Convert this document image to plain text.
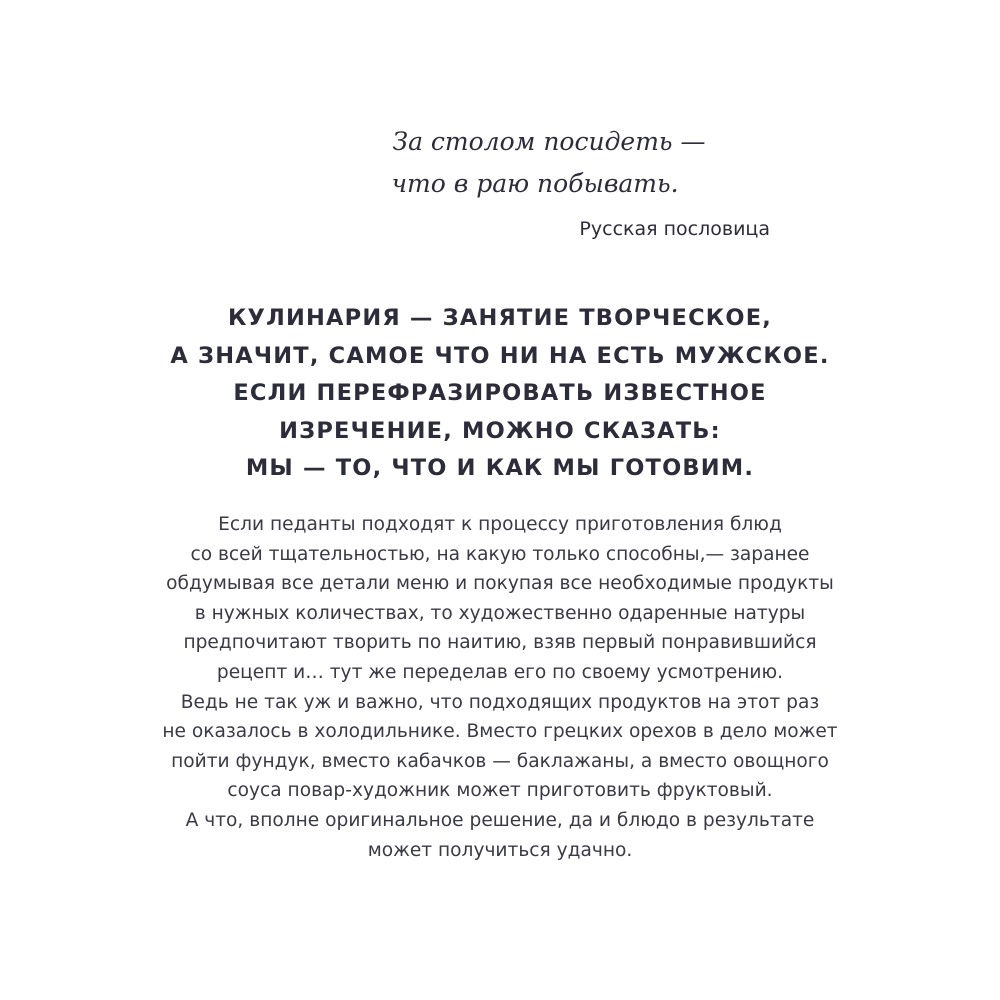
За столом посидеть —
что в раю побывать.
Русская пословица
КУЛИНАРИЯ — ЗАНЯТИЕ ТВОРЧЕСКОЕ,
А ЗНАЧИТ, САМОЕ ЧТО НИ НА ЕСТЬ МУЖСКОЕ.
ЕСЛИ ПЕРЕФРАЗИРОВАТЬ ИЗВЕСТНОЕ
ИЗРЕЧЕНИЕ, МОЖНО СКАЗАТЬ:
МЫ — ТО, ЧТО И КАК МЫ ГОТОВИМ.
Если педанты подходят к процессу приготовления блюд
со всей тщательностью, на какую только способны,— заранее
обдумывая все детали меню и покупая все необходимые продукты
в нужных количествах, то художественно одаренные натуры
предпочитают творить по наитию, взяв первый понравившийся
рецепт и… тут же переделав его по своему усмотрению.
Ведь не так уж и важно, что подходящих продуктов на этот раз
не оказалось в холодильнике. Вместо грецких орехов в дело может
пойти фундук, вместо кабачков — баклажаны, а вместо овощного
соуса повар-художник может приготовить фруктовый.
А что, вполне оригинальное решение, да и блюдо в результате
может получиться удачно.
